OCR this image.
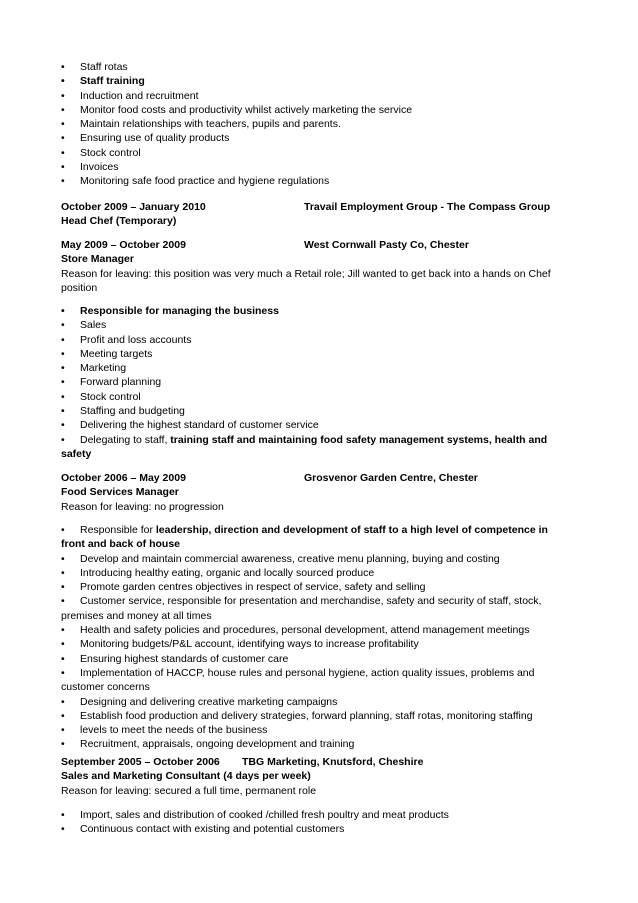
• Staff rotas
• Staff training
• Induction and recruitment
• Monitor food costs and productivity whilst actively marketing the service
• Maintain relationships with teachers, pupils and parents.
• Ensuring use of quality products
• Stock control
• Invoices
• Monitoring safe food practice and hygiene regulations
October 2009 – January 2010	Travail Employment Group - The Compass Group
Head Chef (Temporary)
May 2009 – October 2009	West Cornwall Pasty Co, Chester
Store Manager
Reason for leaving: this position was very much a Retail role; Jill wanted to get back into a hands on Chef position
• Responsible for managing the business
• Sales
• Profit and loss accounts
• Meeting targets
• Marketing
• Forward planning
• Stock control
• Staffing and budgeting
• Delivering the highest standard of customer service
• Delegating to staff, training staff and maintaining food safety management systems, health and safety
October 2006 – May 2009	Grosvenor Garden Centre, Chester
Food Services Manager
Reason for leaving: no progression
• Responsible for leadership, direction and development of staff to a high level of competence in front and back of house
• Develop and maintain commercial awareness, creative menu planning, buying and costing
• Introducing healthy eating, organic and locally sourced produce
• Promote garden centres objectives in respect of service, safety and selling
• Customer service, responsible for presentation and merchandise, safety and security of staff, stock, premises and money at all times
• Health and safety policies and procedures, personal development, attend management meetings
• Monitoring budgets/P&L account, identifying ways to increase profitability
• Ensuring highest standards of customer care
• Implementation of HACCP, house rules and personal hygiene, action quality issues, problems and customer concerns
• Designing and delivering creative marketing campaigns
• Establish food production and delivery strategies, forward planning, staff rotas, monitoring staffing
• levels to meet the needs of the business
• Recruitment, appraisals, ongoing development and training
September 2005 – October 2006 TBG Marketing, Knutsford, Cheshire
Sales and Marketing Consultant (4 days per week)
Reason for leaving: secured a full time, permanent role
• Import, sales and distribution of cooked /chilled fresh poultry and meat products
• Continuous contact with existing and potential customers
